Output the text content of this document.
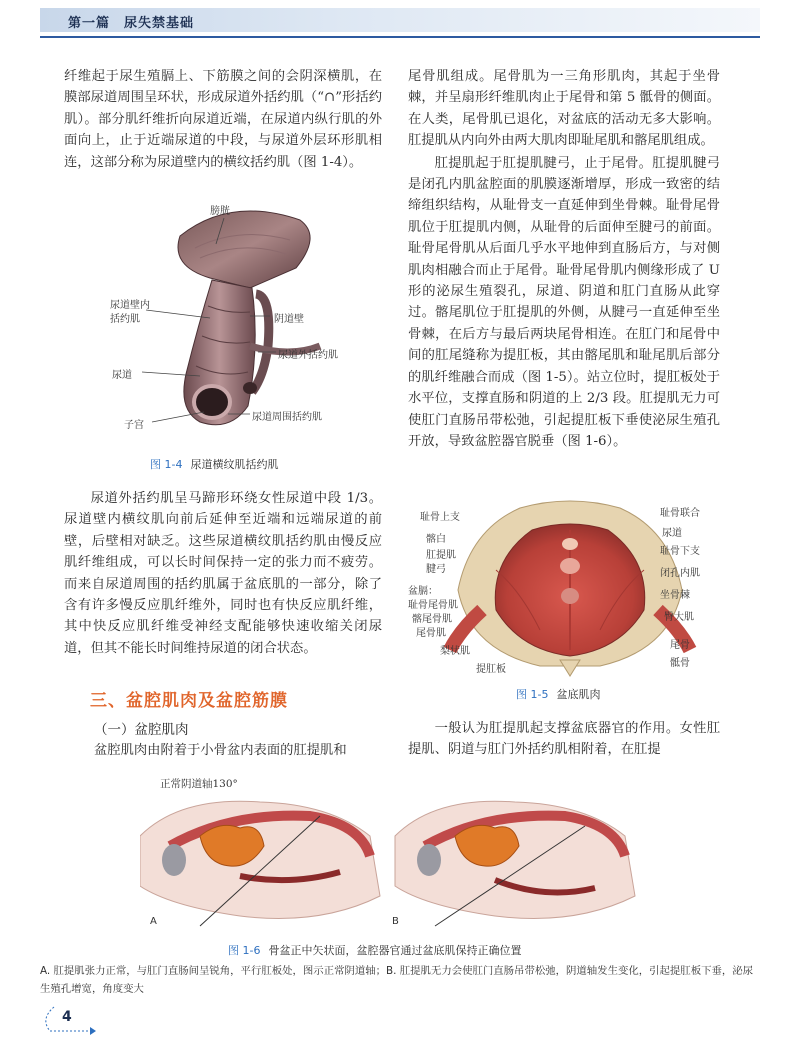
第一篇 尿失禁基础

纤维起于尿生殖膈上、下筋膜之间的会阴深横肌，在膜部尿道周围呈环状，形成尿道外括约肌（“∩”形括约肌）。部分肌纤维折向尿道近端，在尿道内纵行肌的外面向上，止于近端尿道的中段，与尿道外层环形肌相连，这部分称为尿道壁内的横纹括约肌（图 1-4）。

膀胱
尿道壁内
括约肌	阴道壁
尿道外括约肌
尿道
子宫
尿道周围括约肌
图 1-4 尿道横纹肌括约肌

尿道外括约肌呈马蹄形环绕女性尿道中段 1/3。尿道壁内横纹肌向前后延伸至近端和远端尿道的前壁，后壁相对缺乏。这些尿道横纹肌括约肌由慢反应肌纤维组成，可以长时间保持一定的张力而不疲劳。而来自尿道周围的括约肌属于盆底肌的一部分，除了含有许多慢反应肌纤维外，同时也有快反应肌纤维，其中快反应肌纤维受神经支配能够快速收缩关闭尿道，但其不能长时间维持尿道的闭合状态。

三、盆腔肌肉及盆腔筋膜
（一）盆腔肌肉

盆腔肌肉由附着于小骨盆内表面的肛提肌和

尾骨肌组成。尾骨肌为一三角形肌肉，其起于坐骨棘，并呈扇形纤维肌肉止于尾骨和第 5 骶骨的侧面。在人类，尾骨肌已退化，对盆底的活动无多大影响。肛提肌从内向外由两大肌肉即耻尾肌和髂尾肌组成。

肛提肌起于肛提肌腱弓，止于尾骨。肛提肌腱弓是闭孔内肌盆腔面的肌膜逐渐增厚，形成一致密的结缔组织结构，从耻骨支一直延伸到坐骨棘。耻骨尾骨肌位于肛提肌内侧，从耻骨的后面伸至腱弓的前面。耻骨尾骨肌从后面几乎水平地伸到直肠后方，与对侧肌肉相融合而止于尾骨。耻骨尾骨肌内侧缘形成了 U 形的泌尿生殖裂孔，尿道、阴道和肛门直肠从此穿过。髂尾肌位于肛提肌的外侧，从腱弓一直延伸至坐骨棘，在后方与最后两块尾骨相连。在肛门和尾骨中间的肛尾缝称为提肛板，其由髂尾肌和耻尾肌后部分的肌纤维融合而成（图 1-5）。站立位时，提肛板处于水平位，支撑直肠和阴道的上 2/3 段。肛提肌无力可使肛门直肠吊带松弛，引起提肛板下垂使泌尿生殖孔开放，导致盆腔器官脱垂（图 1-6）。

耻骨上支	耻骨联合
尿道
耻骨下支
髂白
肛提肌
腱弓	闭孔内肌
坐骨棘
盆膈：
耻骨尾骨肌
臀大肌
髂尾骨肌
尾骨肌
尾骨
梨状肌
骶骨
提肛板
图 1-5 盆底肌肉

一般认为肛提肌起支撑盆底器官的作用。女性肛提肌、阴道与肛门外括约肌相附着，在肛提

正常阴道轴130°
A	B
图 1-6 骨盆正中矢状面，盆腔器官通过盆底肌保持正确位置
A. 肛提肌张力正常，与肛门直肠间呈锐角，平行肛板处，图示正常阴道轴；B. 肛提肌无力会使肛门直肠吊带松弛，阴道轴发生变化，引起提肛板下垂，泌尿生殖孔增宽，角度变大
4
